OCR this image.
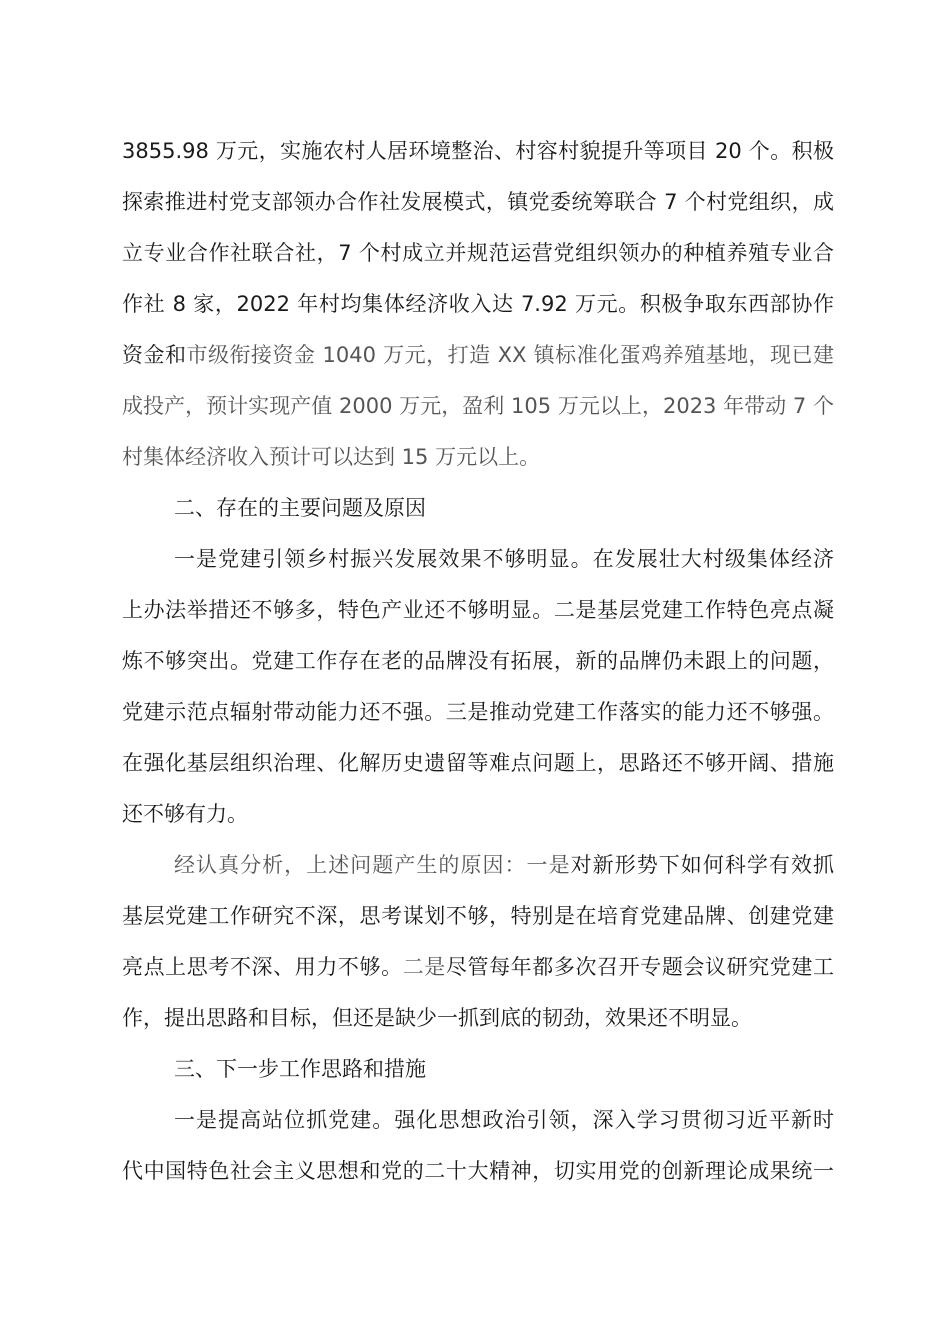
3855.98 万元，实施农村人居环境整治、村容村貌提升等项目 20 个。积极
探索推进村党支部领办合作社发展模式，镇党委统筹联合 7 个村党组织，成
立专业合作社联合社，7 个村成立并规范运营党组织领办的种植养殖专业合
作社 8 家，2022 年村均集体经济收入达 7.92 万元。积极争取东西部协作
资金和市级衔接资金 1040 万元，打造 XX 镇标准化蛋鸡养殖基地，现已建
成投产，预计实现产值 2000 万元，盈利 105 万元以上，2023 年带动 7 个
村集体经济收入预计可以达到 15 万元以上。
二、存在的主要问题及原因
一是党建引领乡村振兴发展效果不够明显。在发展壮大村级集体经济
上办法举措还不够多，特色产业还不够明显。二是基层党建工作特色亮点凝
炼不够突出。党建工作存在老的品牌没有拓展，新的品牌仍未跟上的问题，
党建示范点辐射带动能力还不强。三是推动党建工作落实的能力还不够强。
在强化基层组织治理、化解历史遗留等难点问题上，思路还不够开阔、措施
还不够有力。
经认真分析，上述问题产生的原因：一是对新形势下如何科学有效抓
基层党建工作研究不深，思考谋划不够，特别是在培育党建品牌、创建党建
亮点上思考不深、用力不够。二是尽管每年都多次召开专题会议研究党建工
作，提出思路和目标，但还是缺少一抓到底的韧劲，效果还不明显。
三、下一步工作思路和措施
一是提高站位抓党建。强化思想政治引领，深入学习贯彻习近平新时
代中国特色社会主义思想和党的二十大精神，切实用党的创新理论成果统一
